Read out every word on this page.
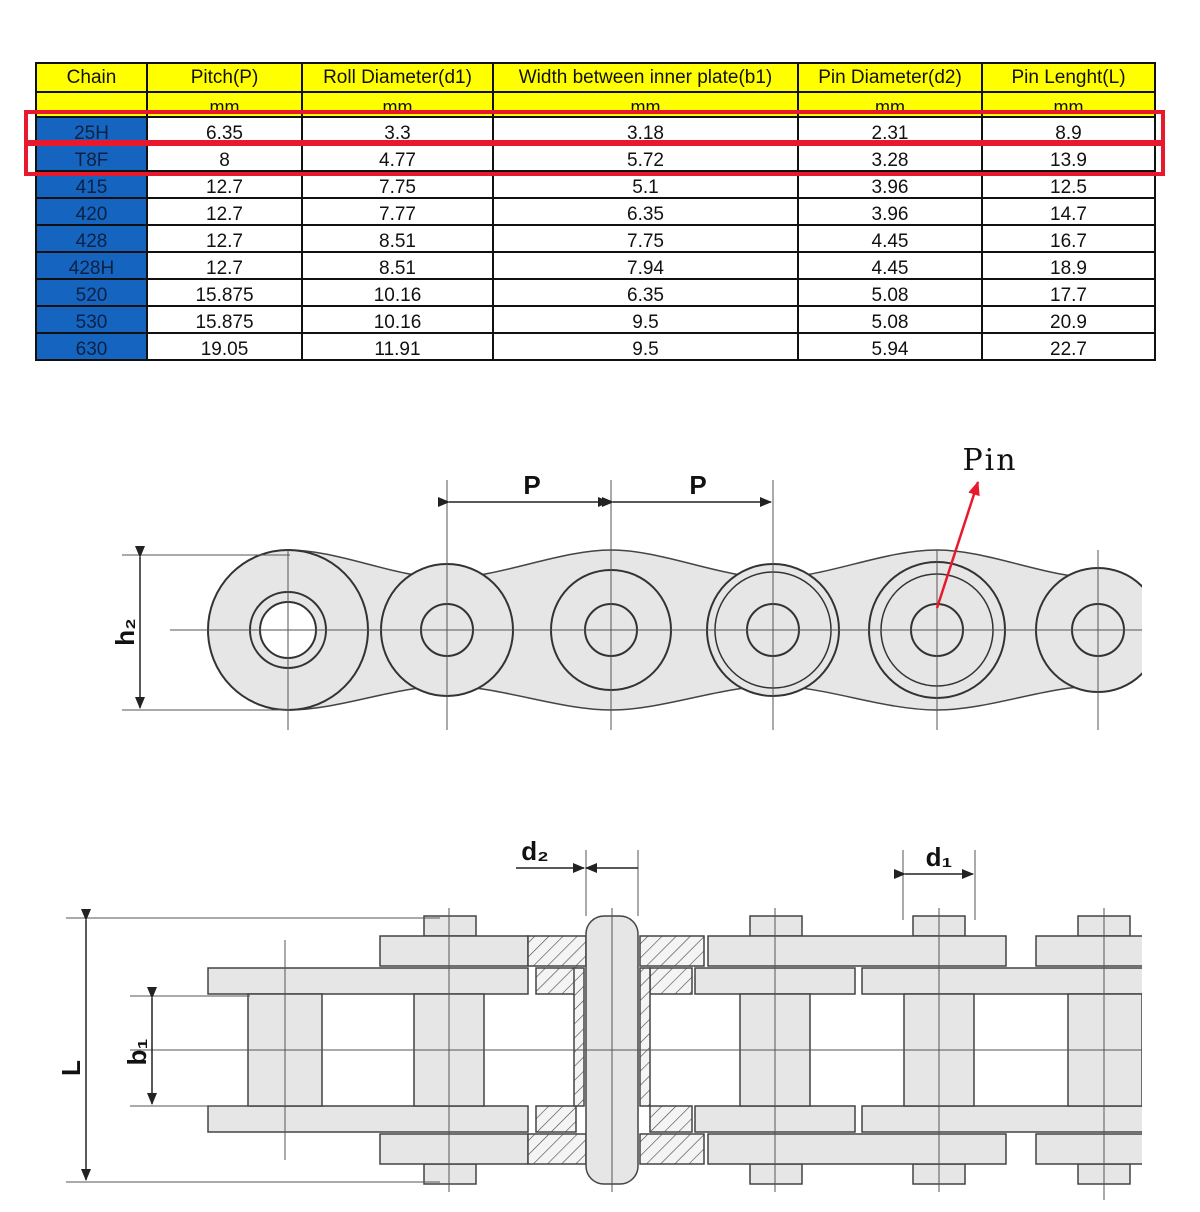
Chain	Pitch(P)	Roll Diameter(d1)	Width between inner plate(b1)	Pin Diameter(d2)	Pin Lenght(L)
	mm	mm	mm	mm	mm
25H	6.35	3.3	3.18	2.31	8.9
T8F	8	4.77	5.72	3.28	13.9
415	12.7	7.75	5.1	3.96	12.5
420	12.7	7.77	6.35	3.96	14.7
428	12.7	8.51	7.75	4.45	16.7
428H	12.7	8.51	7.94	4.45	18.9
520	15.875	10.16	6.35	5.08	17.7
530	15.875	10.16	9.5	5.08	20.9
630	19.05	11.91	9.5	5.94	22.7
P	P
h₂
Pin
d₂	d₁
L
b₁
